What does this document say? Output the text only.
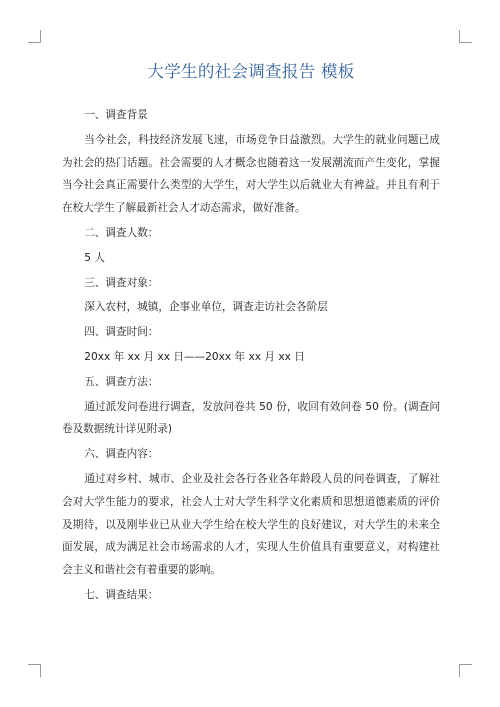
大学生的社会调查报告 模板

一、调查背景

当今社会，科技经济发展飞速，市场竞争日益激烈。大学生的就业问题已成为社会的热门话题。社会需要的人才概念也随着这一发展潮流而产生变化，掌握当今社会真正需要什么类型的大学生，对大学生以后就业大有裨益。并且有利于在校大学生了解最新社会人才动态需求，做好准备。

二、调查人数：

5 人

三、调查对象：

深入农村，城镇，企事业单位，调查走访社会各阶层

四、调查时间：

20xx 年 xx 月 xx 日——20xx 年 xx 月 xx 日

五、调查方法：

通过派发问卷进行调查，发放问卷共 50 份，收回有效问卷 50 份。(调查问卷及数据统计详见附录)

六、调查内容：

通过对乡村、城市、企业及社会各行各业各年龄段人员的问卷调查，了解社会对大学生能力的要求，社会人士对大学生科学文化素质和思想道德素质的评价及期待，以及刚毕业已从业大学生给在校大学生的良好建议，对大学生的未来全面发展，成为满足社会市场需求的人才，实现人生价值具有重要意义，对构建社会主义和谐社会有着重要的影响。

七、调查结果：
